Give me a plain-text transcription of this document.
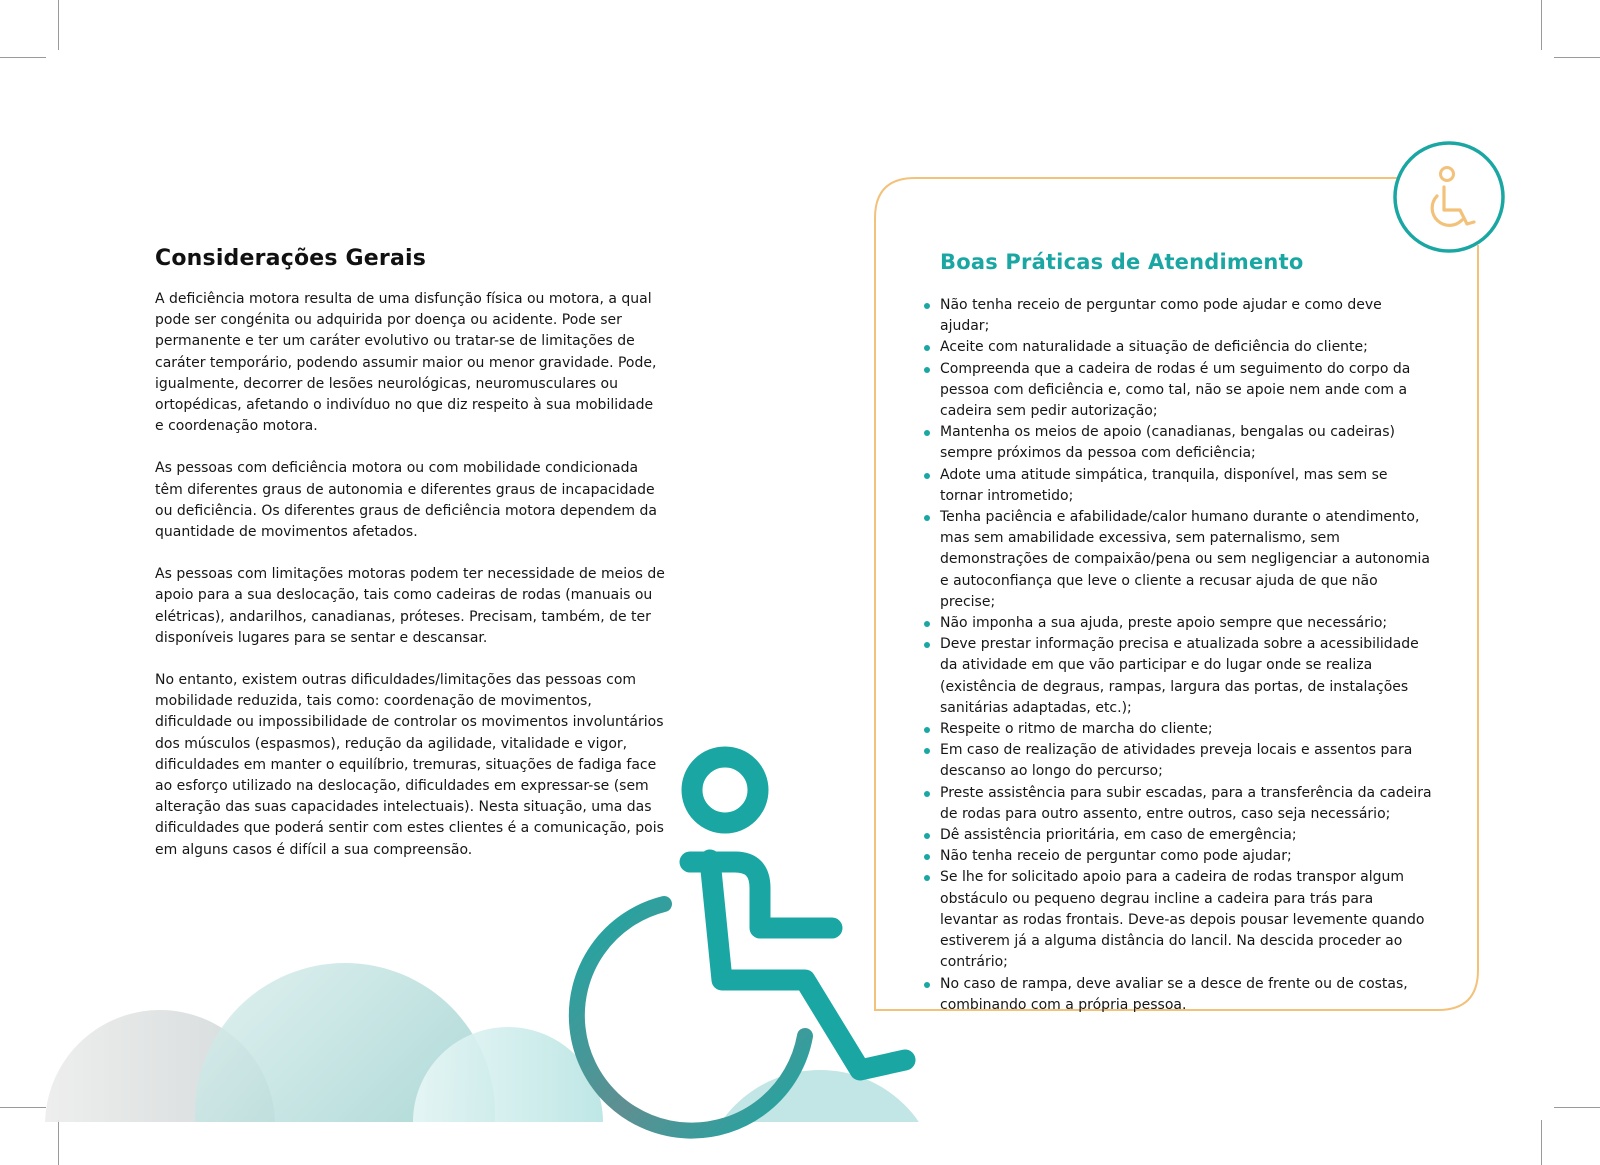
Considerações Gerais

A deficiência motora resulta de uma disfunção física ou motora, a qual pode ser congénita ou adquirida por doença ou acidente. Pode ser permanente e ter um caráter evolutivo ou tratar-se de limitações de caráter temporário, podendo assumir maior ou menor gravidade. Pode, igualmente, decorrer de lesões neurológicas, neuromusculares ou ortopédicas, afetando o indivíduo no que diz respeito à sua mobilidade e coordenação motora.

As pessoas com deficiência motora ou com mobilidade condicionada têm diferentes graus de autonomia e diferentes graus de incapacidade ou deficiência. Os diferentes graus de deficiência motora dependem da quantidade de movimentos afetados.

As pessoas com limitações motoras podem ter necessidade de meios de apoio para a sua deslocação, tais como cadeiras de rodas (manuais ou elétricas), andarilhos, canadianas, próteses. Precisam, também, de ter disponíveis lugares para se sentar e descansar.

No entanto, existem outras dificuldades/limitações das pessoas com mobilidade reduzida, tais como: coordenação de movimentos, dificuldade ou impossibilidade de controlar os movimentos involuntários dos músculos (espasmos), redução da agilidade, vitalidade e vigor, dificuldades em manter o equilíbrio, tremuras, situações de fadiga face ao esforço utilizado na deslocação, dificuldades em expressar-se (sem alteração das suas capacidades intelectuais). Nesta situação, uma das dificuldades que poderá sentir com estes clientes é a comunicação, pois em alguns casos é difícil a sua compreensão.

Boas Práticas de Atendimento
Não tenha receio de perguntar como pode ajudar e como deve ajudar;
Aceite com naturalidade a situação de deficiência do cliente;
Compreenda que a cadeira de rodas é um seguimento do corpo da pessoa com deficiência e, como tal, não se apoie nem ande com a cadeira sem pedir autorização;
Mantenha os meios de apoio (canadianas, bengalas ou cadeiras) sempre próximos da pessoa com deficiência;
Adote uma atitude simpática, tranquila, disponível, mas sem se tornar intrometido;
Tenha paciência e afabilidade/calor humano durante o atendimento, mas sem amabilidade excessiva, sem paternalismo, sem demonstrações de compaixão/pena ou sem negligenciar a autonomia e autoconfiança que leve o cliente a recusar ajuda de que não precise;
Não imponha a sua ajuda, preste apoio sempre que necessário;
Deve prestar informação precisa e atualizada sobre a acessibilidade da atividade em que vão participar e do lugar onde se realiza (existência de degraus, rampas, largura das portas, de instalações sanitárias adaptadas, etc.);
Respeite o ritmo de marcha do cliente;
Em caso de realização de atividades preveja locais e assentos para descanso ao longo do percurso;
Preste assistência para subir escadas, para a transferência da cadeira de rodas para outro assento, entre outros, caso seja necessário;
Dê assistência prioritária, em caso de emergência;
Não tenha receio de perguntar como pode ajudar;
Se lhe for solicitado apoio para a cadeira de rodas transpor algum obstáculo ou pequeno degrau incline a cadeira para trás para levantar as rodas frontais. Deve-as depois pousar levemente quando estiverem já a alguma distância do lancil. Na descida proceder ao contrário;
No caso de rampa, deve avaliar se a desce de frente ou de costas, combinando com a própria pessoa.
